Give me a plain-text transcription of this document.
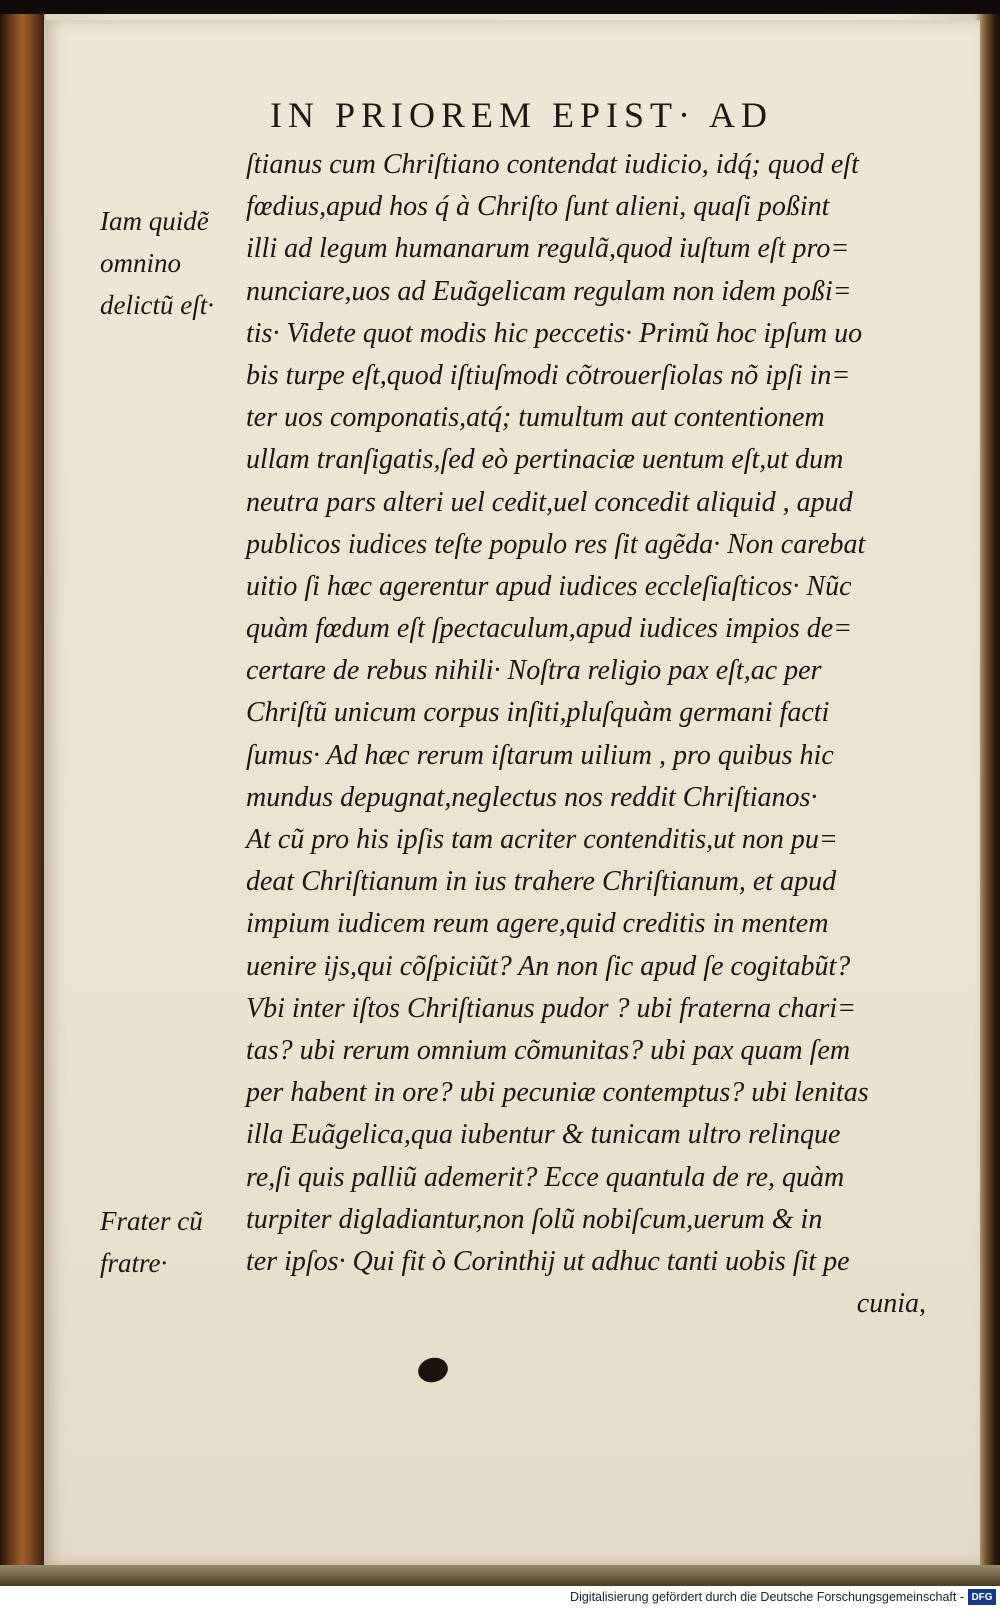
IN PRIOREM EPIST· AD
Iam quidẽ
omnino
delictũ eſt·
Frater cũ
fratre·
ſtianus cum Chriſtiano contendat iudicio, idq́; quod eſt
fœdius,apud hos q́ à Chriſto ſunt alieni, quaſi poßint
illi ad legum humanarum regulã,quod iuſtum eſt pro=
nunciare,uos ad Euãgelicam regulam non idem poßi=
tis· Videte quot modis hic peccetis· Primũ hoc ipſum uo
bis turpe eſt,quod iſtiuſmodi cõtrouerſiolas nõ ipſi in=
ter uos componatis,atq́; tumultum aut contentionem
ullam tranſigatis,ſed eò pertinaciæ uentum eſt,ut dum
neutra pars alteri uel cedit,uel concedit aliquid , apud
publicos iudices teſte populo res ſit agẽda· Non carebat
uitio ſi hæc agerentur apud iudices eccleſiaſticos· Nũc
quàm fœdum eſt ſpectaculum,apud iudices impios de=
certare de rebus nihili· Noſtra religio pax eſt,ac per
Chriſtũ unicum corpus inſiti,pluſquàm germani facti
ſumus· Ad hæc rerum iſtarum uilium , pro quibus hic
mundus depugnat,neglectus nos reddit Chriſtianos·
At cũ pro his ipſis tam acriter contenditis,ut non pu=
deat Chriſtianum in ius trahere Chriſtianum, et apud
impium iudicem reum agere,quid creditis in mentem
uenire iјs,qui cõſpiciũt? An non ſic apud ſe cogitabũt?
Vbi inter iſtos Chriſtianus pudor ? ubi fraterna chari=
tas? ubi rerum omnium cõmunitas? ubi pax quam ſem
per habent in ore? ubi pecuniæ contemptus? ubi lenitas
illa Euãgelica,qua iubentur & tunicam ultro relinque
re,ſi quis palliũ ademerit? Ecce quantula de re, quàm
turpiter digladiantur,non ſolũ nobiſcum,uerum & in
ter ipſos· Qui fit ò Corinthij ut adhuc tanti uobis ſit pe
cunia,
Digitalisierung gefördert durch die Deutsche Forschungsgemeinschaft - DFG
